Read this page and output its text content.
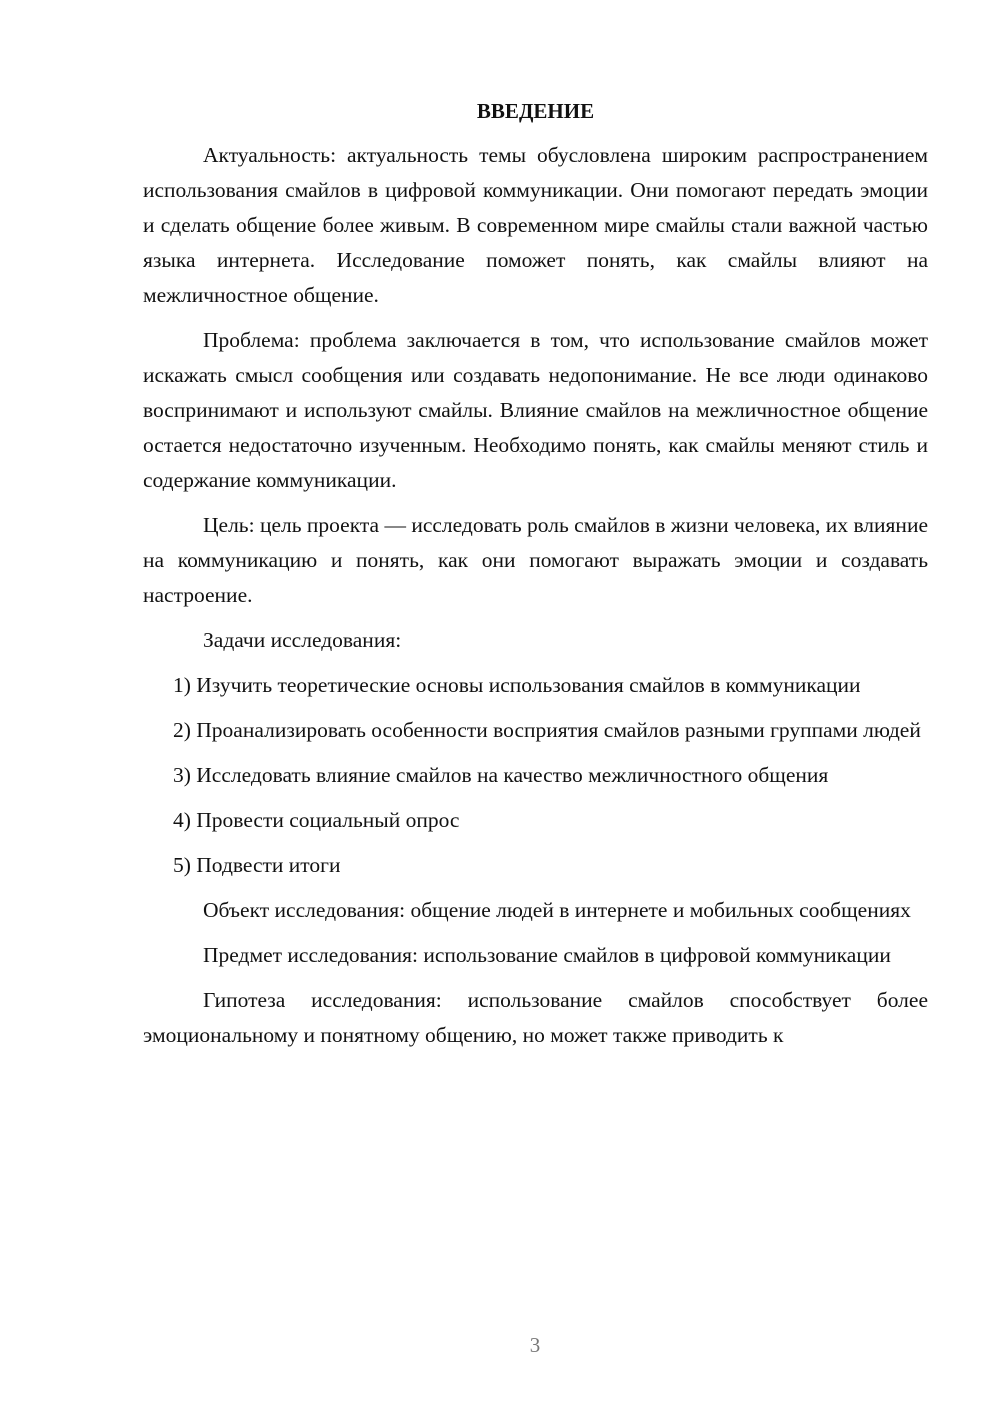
ВВЕДЕНИЕ

Актуальность: актуальность темы обусловлена широким распространением использования смайлов в цифровой коммуникации. Они помогают передать эмоции и сделать общение более живым. В современном мире смайлы стали важной частью языка интернета. Исследование поможет понять, как смайлы влияют на межличностное общение.

Проблема: проблема заключается в том, что использование смайлов может искажать смысл сообщения или создавать недопонимание. Не все люди одинаково воспринимают и используют смайлы. Влияние смайлов на межличностное общение остается недостаточно изученным. Необходимо понять, как смайлы меняют стиль и содержание коммуникации.

Цель: цель проекта — исследовать роль смайлов в жизни человека, их влияние на коммуникацию и понять, как они помогают выражать эмоции и создавать настроение.

Задачи исследования:

1) Изучить теоретические основы использования смайлов в коммуникации

2) Проанализировать особенности восприятия смайлов разными группами людей

3) Исследовать влияние смайлов на качество межличностного общения

4) Провести социальный опрос

5) Подвести итоги

Объект исследования: общение людей в интернете и мобильных сообщениях

Предмет исследования: использование смайлов в цифровой коммуникации

Гипотеза исследования: использование смайлов способствует более эмоциональному и понятному общению, но может также приводить к

3
